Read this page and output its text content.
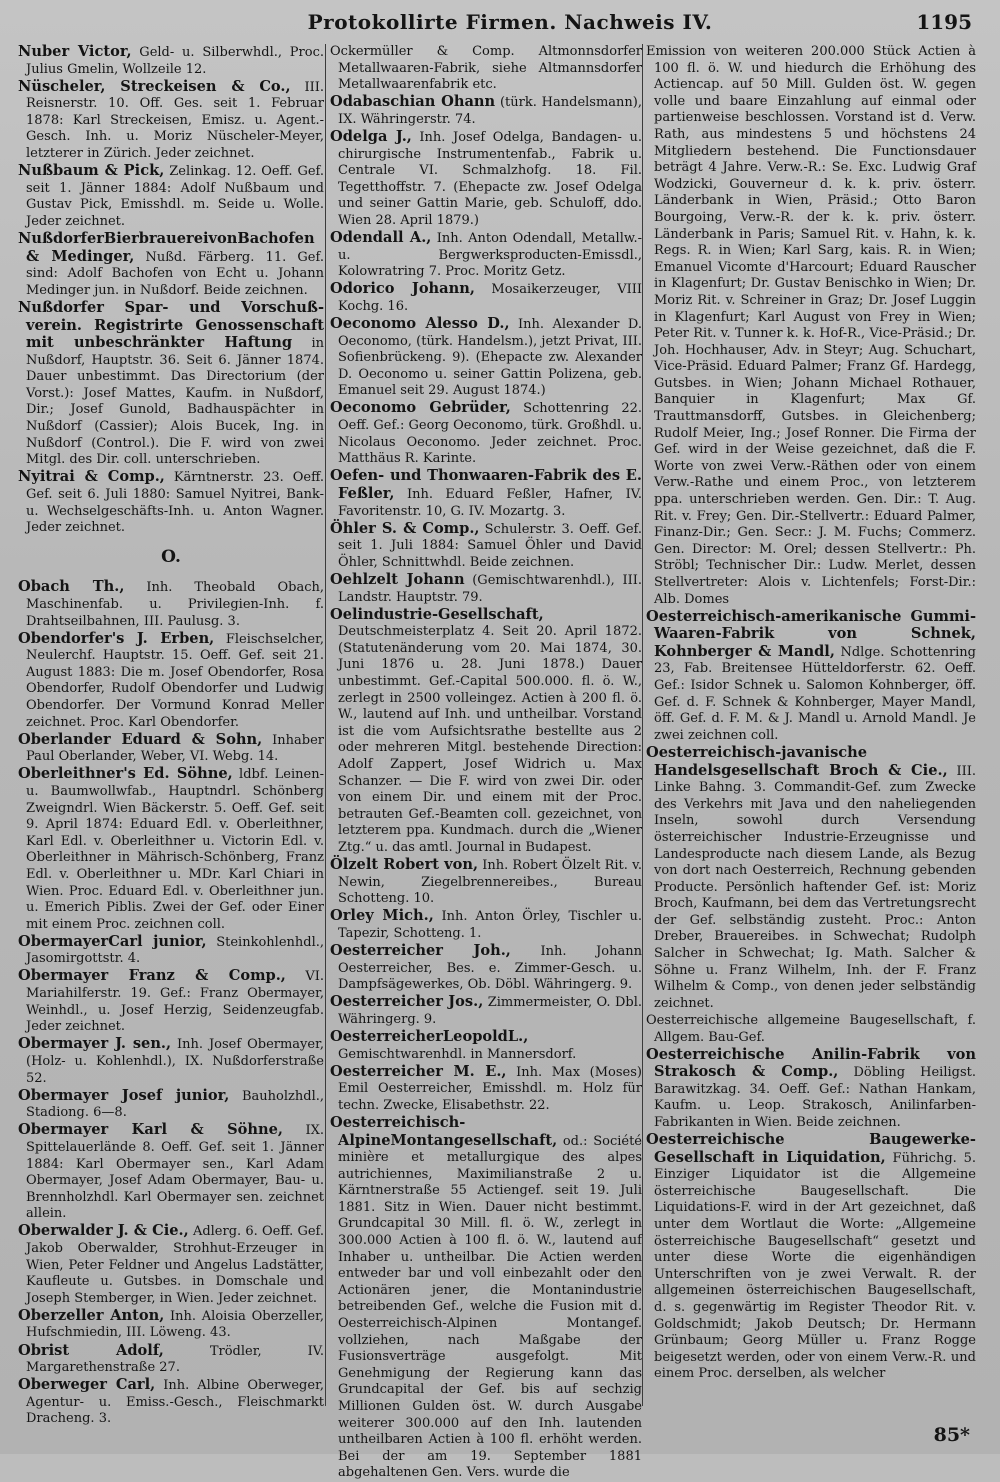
Protokollirte Firmen. Nachweis IV.	1195
Nuber Victor, Geld- u. Silberwhdl., Proc. Julius Gmelin, Wollzeile 12.
Nüscheler, Streckeisen & Co., III. Reisnerstr. 10. Off. Ges. seit 1. Februar 1878: Karl Streckeisen, Emisz. u. Agent.-Gesch. Inh. u. Moriz Nüscheler-Meyer, letzterer in Zürich. Jeder zeichnet.
Nußbaum & Pick, Zelinkag. 12. Oeff. Gef. seit 1. Jänner 1884: Adolf Nußbaum und Gustav Pick, Emisshdl. m. Seide u. Wolle. Jeder zeichnet.
NußdorferBierbrauereivonBachofen & Medinger, Nußd. Färberg. 11. Gef. sind: Adolf Bachofen von Echt u. Johann Medinger jun. in Nußdorf. Beide zeichnen.
Nußdorfer Spar- und Vorschuß-verein. Registrirte Genossenschaft mit unbeschränkter Haftung in Nußdorf, Hauptstr. 36. Seit 6. Jänner 1874. Dauer unbestimmt. Das Directorium (der Vorst.): Josef Mattes, Kaufm. in Nußdorf, Dir.; Josef Gunold, Badhauspächter in Nußdorf (Cassier); Alois Bucek, Ing. in Nußdorf (Control.). Die F. wird von zwei Mitgl. des Dir. coll. unterschrieben.
Nyitrai & Comp., Kärntnerstr. 23. Oeff. Gef. seit 6. Juli 1880: Samuel Nyitrei, Bank- u. Wechselgeschäfts-Inh. u. Anton Wagner. Jeder zeichnet.
O.
Obach Th., Inh. Theobald Obach, Maschinenfab. u. Privilegien-Inh. f. Drahtseilbahnen, III. Paulusg. 3.
Obendorfer's J. Erben, Fleischselcher, Neulerchf. Hauptstr. 15. Oeff. Gef. seit 21. August 1883: Die m. Josef Obendorfer, Rosa Obendorfer, Rudolf Obendorfer und Ludwig Obendorfer. Der Vormund Konrad Meller zeichnet. Proc. Karl Obendorfer.
Oberlander Eduard & Sohn, Inhaber Paul Oberlander, Weber, VI. Webg. 14.
Oberleithner's Ed. Söhne, ldbf. Leinen- u. Baumwollwfab., Hauptndrl. Schönberg Zweigndrl. Wien Bäckerstr. 5. Oeff. Gef. seit 9. April 1874: Eduard Edl. v. Oberleithner, Karl Edl. v. Oberleithner u. Victorin Edl. v. Oberleithner in Mährisch-Schönberg, Franz Edl. v. Oberleithner u. MDr. Karl Chiari in Wien. Proc. Eduard Edl. v. Oberleithner jun. u. Emerich Piblis. Zwei der Gef. oder Einer mit einem Proc. zeichnen coll.
ObermayerCarl junior, Steinkohlenhdl., Jasomirgottstr. 4.
Obermayer Franz & Comp., VI. Mariahilferstr. 19. Gef.: Franz Obermayer, Weinhdl., u. Josef Herzig, Seidenzeugfab. Jeder zeichnet.
Obermayer J. sen., Inh. Josef Obermayer, (Holz- u. Kohlenhdl.), IX. Nußdorferstraße 52.
Obermayer Josef junior, Bauholzhdl., Stadiong. 6—8.
Obermayer Karl & Söhne, IX. Spittelauerlände 8. Oeff. Gef. seit 1. Jänner 1884: Karl Obermayer sen., Karl Adam Obermayer, Josef Adam Obermayer, Bau- u. Brennholzhdl. Karl Obermayer sen. zeichnet allein.
Oberwalder J. & Cie., Adlerg. 6. Oeff. Gef. Jakob Oberwalder, Strohhut-Erzeuger in Wien, Peter Feldner und Angelus Ladstätter, Kaufleute u. Gutsbes. in Domschale und Joseph Stemberger, in Wien. Jeder zeichnet.
Oberzeller Anton, Inh. Aloisia Oberzeller, Hufschmiedin, III. Löweng. 43.
Obrist Adolf, Trödler, IV. Margarethenstraße 27.
Oberweger Carl, Inh. Albine Oberweger, Agentur- u. Emiss.-Gesch., Fleischmarkt Dracheng. 3.
Ockermüller & Comp. Altmonnsdorfer Metallwaaren-Fabrik, siehe Altmannsdorfer Metallwaarenfabrik etc.
Odabaschian Ohann (türk. Handelsmann), IX. Währingerstr. 74.
Odelga J., Inh. Josef Odelga, Bandagen- u. chirurgische Instrumentenfab., Fabrik u. Centrale VI. Schmalzhofg. 18. Fil. Tegetthoffstr. 7. (Ehepacte zw. Josef Odelga und seiner Gattin Marie, geb. Schuloff, ddo. Wien 28. April 1879.)
Odendall A., Inh. Anton Odendall, Metallw.- u. Bergwerksproducten-Emissdl., Kolowratring 7. Proc. Moritz Getz.
Odorico Johann, Mosaikerzeuger, VIII Kochg. 16.
Oeconomo Alesso D., Inh. Alexander D. Oeconomo, (türk. Handelsm.), jetzt Privat, III. Sofienbrückeng. 9). (Ehepacte zw. Alexander D. Oeconomo u. seiner Gattin Polizena, geb. Emanuel seit 29. August 1874.)
Oeconomo Gebrüder, Schottenring 22. Oeff. Gef.: Georg Oeconomo, türk. Großhdl. u. Nicolaus Oeconomo. Jeder zeichnet. Proc. Matthäus R. Karinte.
Oefen- und Thonwaaren-Fabrik des E. Feßler, Inh. Eduard Feßler, Hafner, IV. Favoritenstr. 10, G. IV. Mozartg. 3.
Öhler S. & Comp., Schulerstr. 3. Oeff. Gef. seit 1. Juli 1884: Samuel Öhler und David Öhler, Schnittwhdl. Beide zeichnen.
Oehlzelt Johann (Gemischtwarenhdl.), III. Landstr. Hauptstr. 79.
Oelindustrie-Gesellschaft, Deutschmeisterplatz 4. Seit 20. April 1872. (Statutenänderung vom 20. Mai 1874, 30. Juni 1876 u. 28. Juni 1878.) Dauer unbestimmt. Gef.-Capital 500.000. fl. ö. W., zerlegt in 2500 volleingez. Actien à 200 fl. ö. W., lautend auf Inh. und untheilbar. Vorstand ist die vom Aufsichtsrathe bestellte aus 2 oder mehreren Mitgl. bestehende Direction: Adolf Zappert, Josef Widrich u. Max Schanzer. — Die F. wird von zwei Dir. oder von einem Dir. und einem mit der Proc. betrauten Gef.-Beamten coll. gezeichnet, von letzterem ppa. Kundmach. durch die „Wiener Ztg.“ u. das amtl. Journal in Budapest.
Ölzelt Robert von, Inh. Robert Ölzelt Rit. v. Newin, Ziegelbrennereibes., Bureau Schotteng. 10.
Orley Mich., Inh. Anton Örley, Tischler u. Tapezir, Schotteng. 1.
Oesterreicher Joh., Inh. Johann Oesterreicher, Bes. e. Zimmer-Gesch. u. Dampfsägewerkes, Ob. Döbl. Währingerg. 9.
Oesterreicher Jos., Zimmermeister, O. Dbl. Währingerg. 9.
OesterreicherLeopoldL., Gemischtwarenhdl. in Mannersdorf.
Oesterreicher M. E., Inh. Max (Moses) Emil Oesterreicher, Emisshdl. m. Holz für techn. Zwecke, Elisabethstr. 22.
Oesterreichisch-AlpineMontangesellschaft, od.: Société minière et metallurgique des alpes autrichiennes, Maximilianstraße 2 u. Kärntnerstraße 55 Actiengef. seit 19. Juli 1881. Sitz in Wien. Dauer nicht bestimmt. Grundcapital 30 Mill. fl. ö. W., zerlegt in 300.000 Actien à 100 fl. ö. W., lautend auf Inhaber u. untheilbar. Die Actien werden entweder bar und voll einbezahlt oder den Actionären jener, die Montanindustrie betreibenden Gef., welche die Fusion mit d. Oesterreichisch-Alpinen Montangef. vollziehen, nach Maßgabe der Fusionsverträge ausgefolgt. Mit Genehmigung der Regierung kann das Grundcapital der Gef. bis auf sechzig Millionen Gulden öst. W. durch Ausgabe weiterer 300.000 auf den Inh. lautenden untheilbaren Actien à 100 fl. erhöht werden. Bei der am 19. September 1881 abgehaltenen Gen. Vers. wurde die
Emission von weiteren 200.000 Stück Actien à 100 fl. ö. W. und hiedurch die Erhöhung des Actiencap. auf 50 Mill. Gulden öst. W. gegen volle und baare Einzahlung auf einmal oder partienweise beschlossen. Vorstand ist d. Verw. Rath, aus mindestens 5 und höchstens 24 Mitgliedern bestehend. Die Functionsdauer beträgt 4 Jahre. Verw.-R.: Se. Exc. Ludwig Graf Wodzicki, Gouverneur d. k. k. priv. österr. Länderbank in Wien, Präsid.; Otto Baron Bourgoing, Verw.-R. der k. k. priv. österr. Länderbank in Paris; Samuel Rit. v. Hahn, k. k. Regs. R. in Wien; Karl Sarg, kais. R. in Wien; Emanuel Vicomte d'Harcourt; Eduard Rauscher in Klagenfurt; Dr. Gustav Benischko in Wien; Dr. Moriz Rit. v. Schreiner in Graz; Dr. Josef Luggin in Klagenfurt; Karl August von Frey in Wien; Peter Rit. v. Tunner k. k. Hof-R., Vice-Präsid.; Dr. Joh. Hochhauser, Adv. in Steyr; Aug. Schuchart, Vice-Präsid. Eduard Palmer; Franz Gf. Hardegg, Gutsbes. in Wien; Johann Michael Rothauer, Banquier in Klagenfurt; Max Gf. Trauttmansdorff, Gutsbes. in Gleichenberg; Rudolf Meier, Ing.; Josef Ronner. Die Firma der Gef. wird in der Weise gezeichnet, daß die F. Worte von zwei Verw.-Räthen oder von einem Verw.-Rathe und einem Proc., von letzterem ppa. unterschrieben werden. Gen. Dir.: T. Aug. Rit. v. Frey; Gen. Dir.-Stellvertr.: Eduard Palmer, Finanz-Dir.; Gen. Secr.: J. M. Fuchs; Commerz. Gen. Director: M. Orel; dessen Stellvertr.: Ph. Ströbl; Technischer Dir.: Ludw. Merlet, dessen Stellvertreter: Alois v. Lichtenfels; Forst-Dir.: Alb. Domes
Oesterreichisch-amerikanische Gummi-Waaren-Fabrik von Schnek, Kohnberger & Mandl, Ndlge. Schottenring 23, Fab. Breitensee Hütteldorferstr. 62. Oeff. Gef.: Isidor Schnek u. Salomon Kohnberger, öff. Gef. d. F. Schnek & Kohnberger, Mayer Mandl, öff. Gef. d. F. M. & J. Mandl u. Arnold Mandl. Je zwei zeichnen coll.
Oesterreichisch-javanische Handelsgesellschaft Broch & Cie., III. Linke Bahng. 3. Commandit-Gef. zum Zwecke des Verkehrs mit Java und den naheliegenden Inseln, sowohl durch Versendung österreichischer Industrie-Erzeugnisse und Landesproducte nach diesem Lande, als Bezug von dort nach Oesterreich, Rechnung gebenden Producte. Persönlich haftender Gef. ist: Moriz Broch, Kaufmann, bei dem das Vertretungsrecht der Gef. selbständig zusteht. Proc.: Anton Dreber, Brauereibes. in Schwechat; Rudolph Salcher in Schwechat; Ig. Math. Salcher & Söhne u. Franz Wilhelm, Inh. der F. Franz Wilhelm & Comp., von denen jeder selbständig zeichnet.
Oesterreichische allgemeine Baugesellschaft, f. Allgem. Bau-Gef.
Oesterreichische Anilin-Fabrik von Strakosch & Comp., Döbling Heiligst. Barawitzkag. 34. Oeff. Gef.: Nathan Hankam, Kaufm. u. Leop. Strakosch, Anilinfarben-Fabrikanten in Wien. Beide zeichnen.
Oesterreichische Baugewerke-Gesellschaft in Liquidation, Führichg. 5. Einziger Liquidator ist die Allgemeine österreichische Baugesellschaft. Die Liquidations-F. wird in der Art gezeichnet, daß unter dem Wortlaut die Worte: „Allgemeine österreichische Baugesellschaft“ gesetzt und unter diese Worte die eigenhändigen Unterschriften von je zwei Verwalt. R. der allgemeinen österreichischen Baugesellschaft, d. s. gegenwärtig im Register Theodor Rit. v. Goldschmidt; Jakob Deutsch; Dr. Hermann Grünbaum; Georg Müller u. Franz Rogge beigesetzt werden, oder von einem Verw.-R. und einem Proc. derselben, als welcher
85*
